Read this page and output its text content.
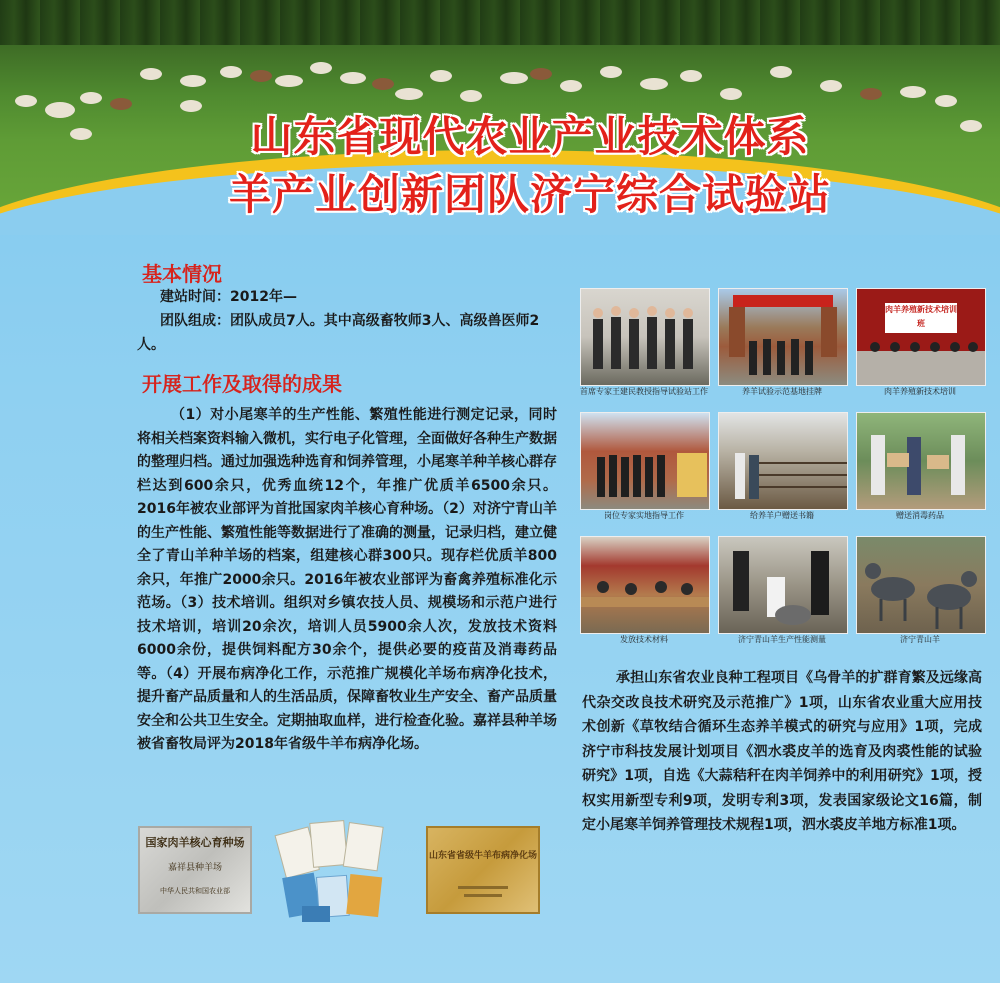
山东省现代农业产业技术体系
羊产业创新团队济宁综合试验站
基本情况
建站时间：2012年—
团队组成：团队成员7人。其中高级畜牧师3人、高级兽医师2人。
开展工作及取得的成果
（1）对小尾寒羊的生产性能、繁殖性能进行测定记录，同时将相关档案资料输入微机，实行电子化管理，全面做好各种生产数据的整理归档。通过加强选种选育和饲养管理，小尾寒羊种羊核心群存栏达到600余只，优秀血统12个，年推广优质羊6500余只。2016年被农业部评为首批国家肉羊核心育种场。（2）对济宁青山羊的生产性能、繁殖性能等数据进行了准确的测量，记录归档，建立健全了青山羊种羊场的档案，组建核心群300只。现存栏优质羊800余只，年推广2000余只。2016年被农业部评为畜禽养殖标准化示范场。（3）技术培训。组织对乡镇农技人员、规模场和示范户进行技术培训，培训20余次，培训人员5900余人次，发放技术资料6000余份，提供饲料配方30余个，提供必要的疫苗及消毒药品等。（4）开展布病净化工作，示范推广规模化羊场布病净化技术，提升畜产品质量和人的生活品质，保障畜牧业生产安全、畜产品质量安全和公共卫生安全。定期抽取血样，进行检查化验。嘉祥县种羊场被省畜牧局评为2018年省级牛羊布病净化场。
首席专家王建民教授指导试验站工作	养羊试验示范基地挂牌
肉羊养殖新技术培训班
肉羊养殖新技术培训
岗位专家实地指导工作	给养羊户赠送书籍	赠送消毒药品
发放技术材料	济宁青山羊生产性能测量	济宁青山羊
承担山东省农业良种工程项目《乌骨羊的扩群育繁及远缘高代杂交改良技术研究及示范推广》1项，山东省农业重大应用技术创新《草牧结合循环生态养羊模式的研究与应用》1项，完成济宁市科技发展计划项目《泗水裘皮羊的选育及肉裘性能的试验研究》1项，自选《大蒜秸秆在肉羊饲养中的利用研究》1项，授权实用新型专利9项，发明专利3项，发表国家级论文16篇，制定小尾寒羊饲养管理技术规程1项，泗水裘皮羊地方标准1项。
国家肉羊核心育种场
嘉祥县种羊场
中华人民共和国农业部
山东省省级牛羊布病净化场
